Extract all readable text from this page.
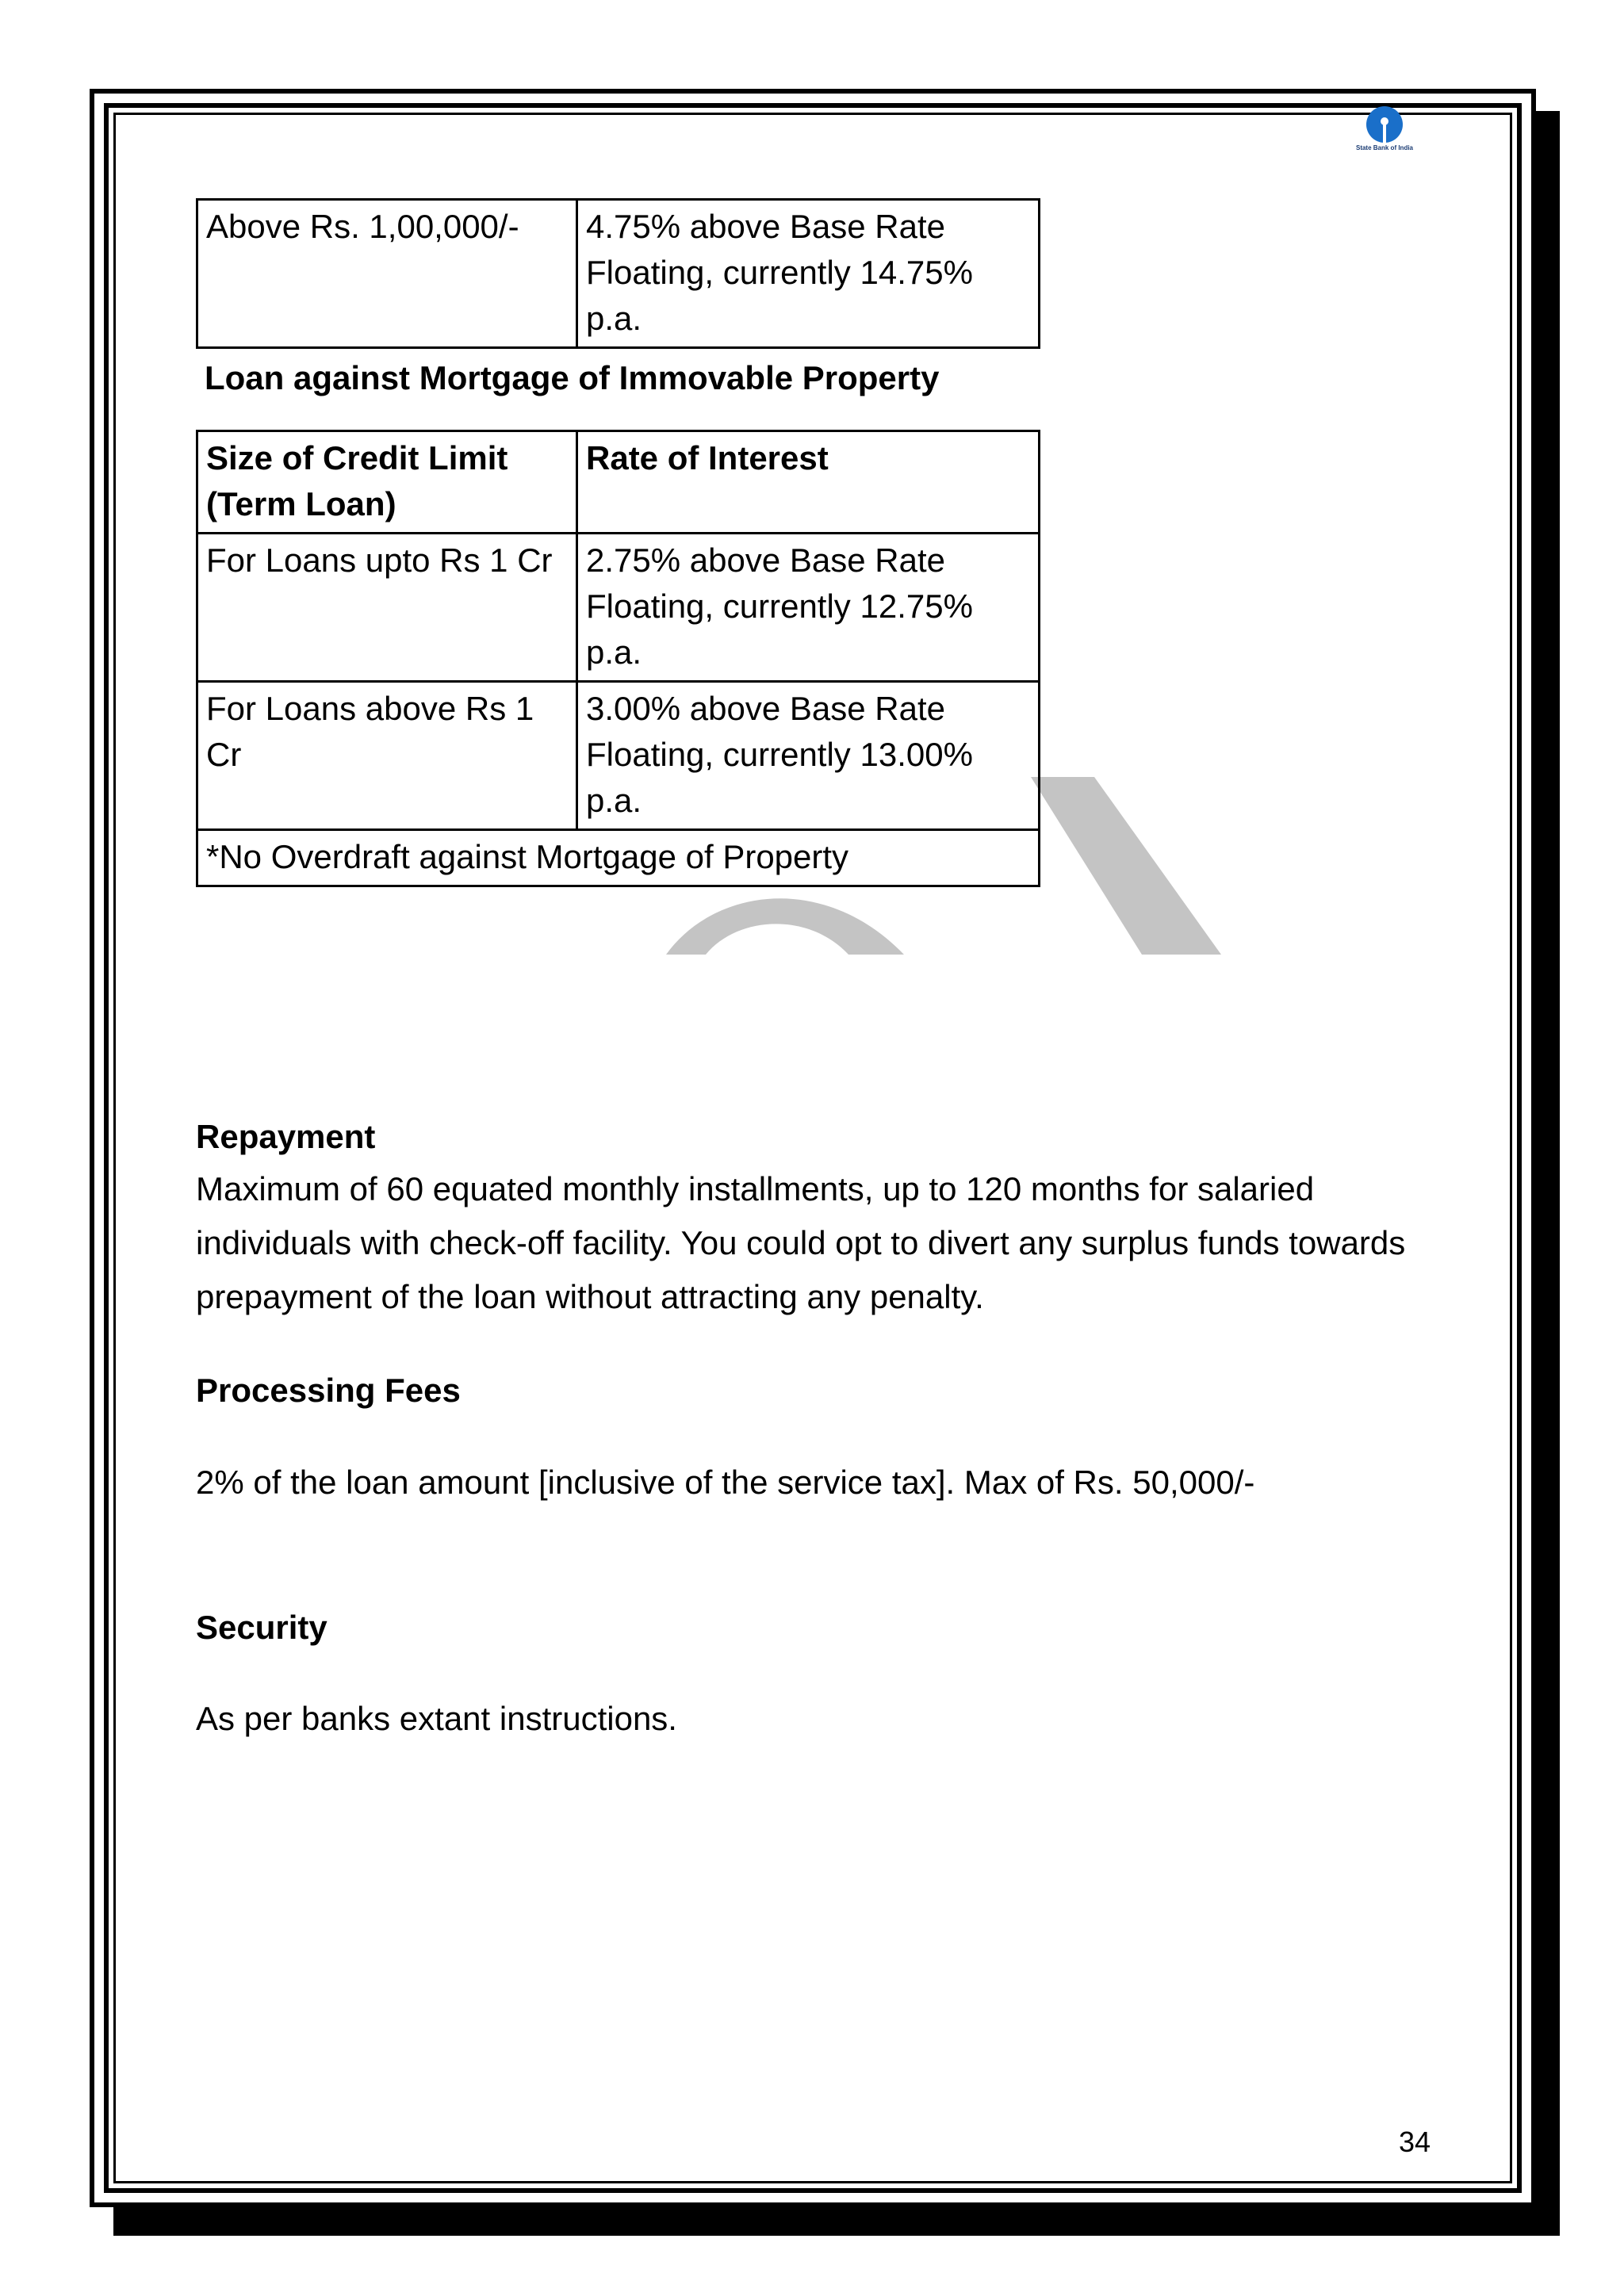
State Bank of India
Above Rs. 1,00,000/-	4.75% above Base Rate Floating, currently 14.75% p.a.
Loan against Mortgage of Immovable Property
Size of Credit Limit (Term Loan)	Rate of Interest
For Loans upto Rs 1 Cr	2.75% above Base Rate Floating, currently 12.75% p.a.
For Loans above Rs 1 Cr	3.00% above Base Rate Floating, currently 13.00% p.a.
*No Overdraft against Mortgage of Property	
Repayment
Maximum of 60 equated monthly installments, up to 120 months for salaried individuals with check-off facility. You could opt to divert any surplus funds towards prepayment of the loan without attracting any penalty.
Processing Fees
2% of the loan amount [inclusive of the service tax]. Max of Rs. 50,000/-
Security
As per banks extant instructions.
34
